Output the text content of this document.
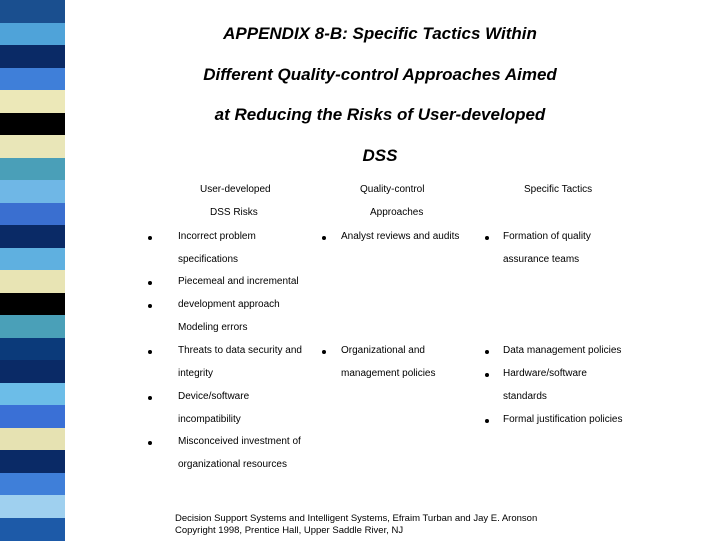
APPENDIX 8-B: Specific Tactics Within
Different Quality-control Approaches Aimed
at Reducing the Risks of User-developed
DSS
User-developed
DSS Risks
Quality-control
Approaches
Specific Tactics
Incorrect problem
specifications
Piecemeal and incremental
development approach
Modeling errors
Threats to data security and
integrity
Device/software
incompatibility
Misconceived investment of
organizational resources
Analyst reviews and audits
Organizational and
management policies
Formation of quality
assurance teams
Data management policies
Hardware/software
standards
Formal justification policies
Decision Support Systems and Intelligent Systems, Efraim Turban and Jay E. Aronson
Copyright 1998, Prentice Hall, Upper Saddle River, NJ
